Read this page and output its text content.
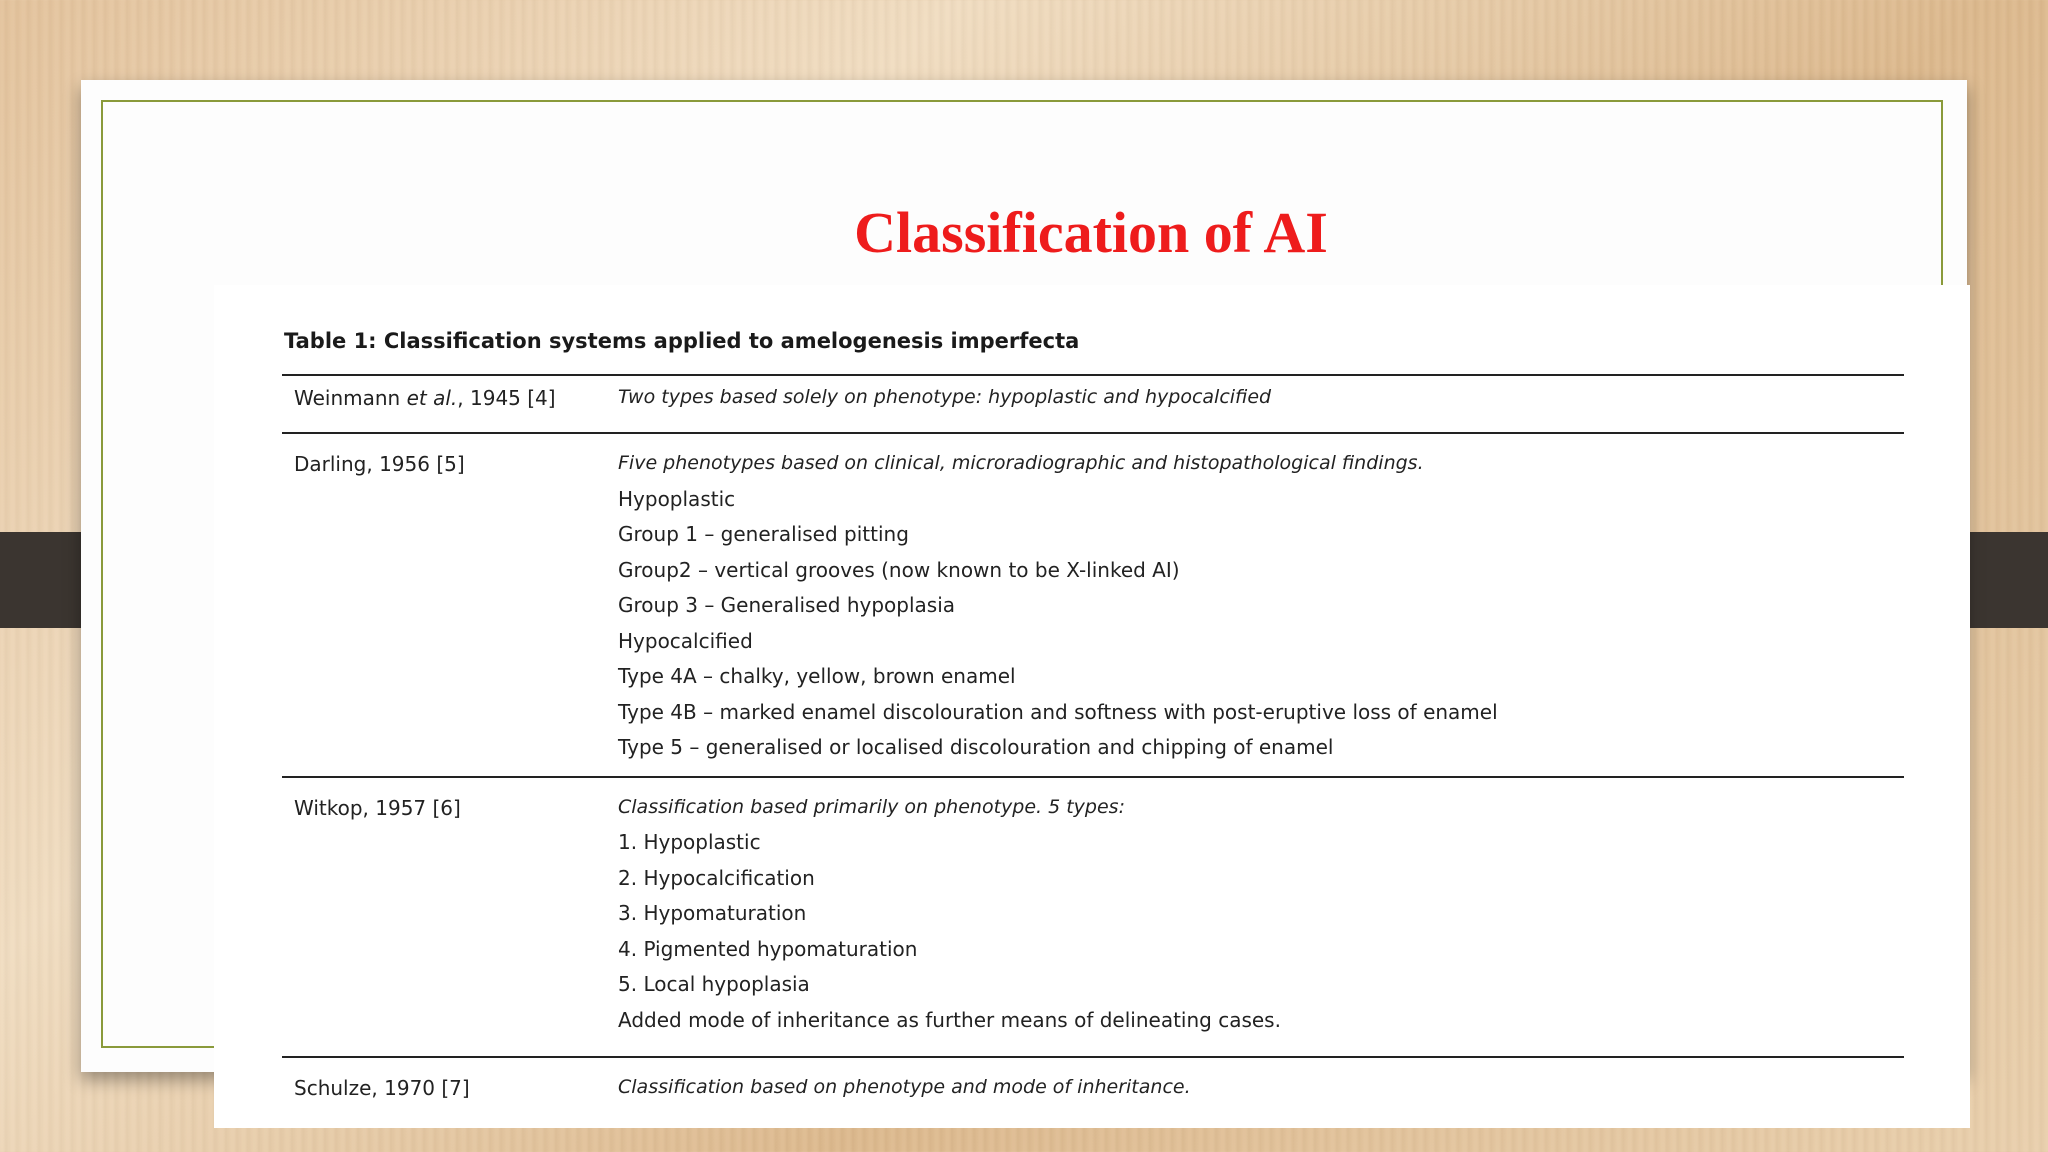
Classification of AI

Table 1: Classification systems applied to amelogenesis imperfecta

Weinmann et al., 1945 [4]	Two types based solely on phenotype: hypoplastic and hypocalcified
Darling, 1956 [5]	Five phenotypes based on clinical, microradiographic and histopathological findings.
Hypoplastic
Group 1 – generalised pitting
Group2 – vertical grooves (now known to be X-linked AI)
Group 3 – Generalised hypoplasia
Hypocalcified
Type 4A – chalky, yellow, brown enamel
Type 4B – marked enamel discolouration and softness with post-eruptive loss of enamel
Type 5 – generalised or localised discolouration and chipping of enamel
Witkop, 1957 [6]	Classification based primarily on phenotype. 5 types:
1. Hypoplastic
2. Hypocalcification
3. Hypomaturation
4. Pigmented hypomaturation
5. Local hypoplasia
Added mode of inheritance as further means of delineating cases.
Schulze, 1970 [7]	Classification based on phenotype and mode of inheritance.
